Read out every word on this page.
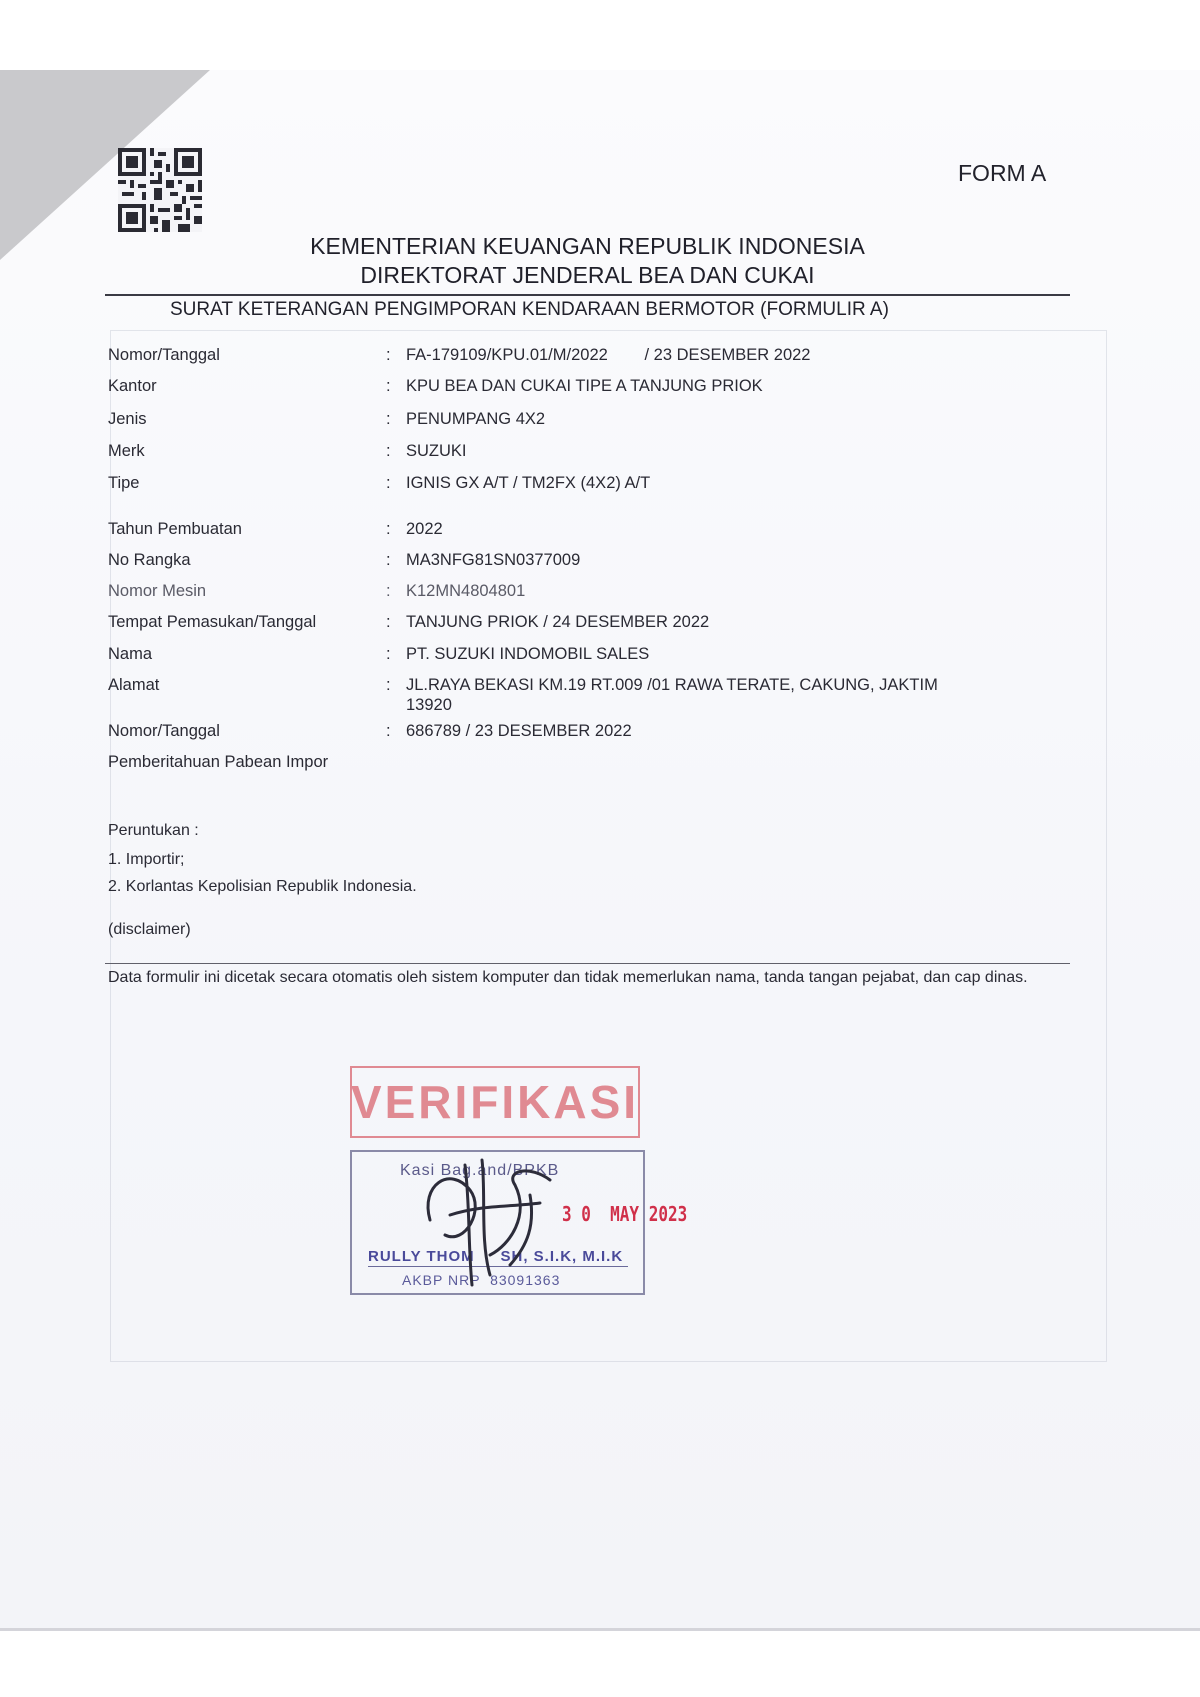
FORM A
KEMENTERIAN KEUANGAN REPUBLIK INDONESIA
DIREKTORAT JENDERAL BEA DAN CUKAI
SURAT KETERANGAN PENGIMPORAN KENDARAAN BERMOTOR (FORMULIR A)
Nomor/Tanggal	: FA-179109/KPU.01/M/2022        / 23 DESEMBER 2022
Kantor	: KPU BEA DAN CUKAI TIPE A TANJUNG PRIOK
Jenis	: PENUMPANG 4X2
Merk	: SUZUKI
Tipe	: IGNIS GX A/T / TM2FX (4X2) A/T
Tahun Pembuatan	: 2022
No Rangka	: MA3NFG81SN0377009
Nomor Mesin	: K12MN4804801
Tempat Pemasukan/Tanggal	: TANJUNG PRIOK / 24 DESEMBER 2022
Nama	: PT. SUZUKI INDOMOBIL SALES
Alamat	: JL.RAYA BEKASI KM.19 RT.009 /01 RAWA TERATE, CAKUNG, JAKTIM
13920
Nomor/Tanggal	: 686789 / 23 DESEMBER 2022
Pemberitahuan Pabean Impor
Peruntukan :
1. Importir;
2. Korlantas Kepolisian Republik Indonesia.
(disclaimer)
Data formulir ini dicetak secara otomatis oleh sistem komputer dan tidak memerlukan nama, tanda tangan pejabat, dan cap dinas.
VERIFIKASI
Kasi Bag.and/BPKB
3 0  MAY 2023
RULLY THOM     SH, S.I.K, M.I.K
AKBP NRP  83091363
